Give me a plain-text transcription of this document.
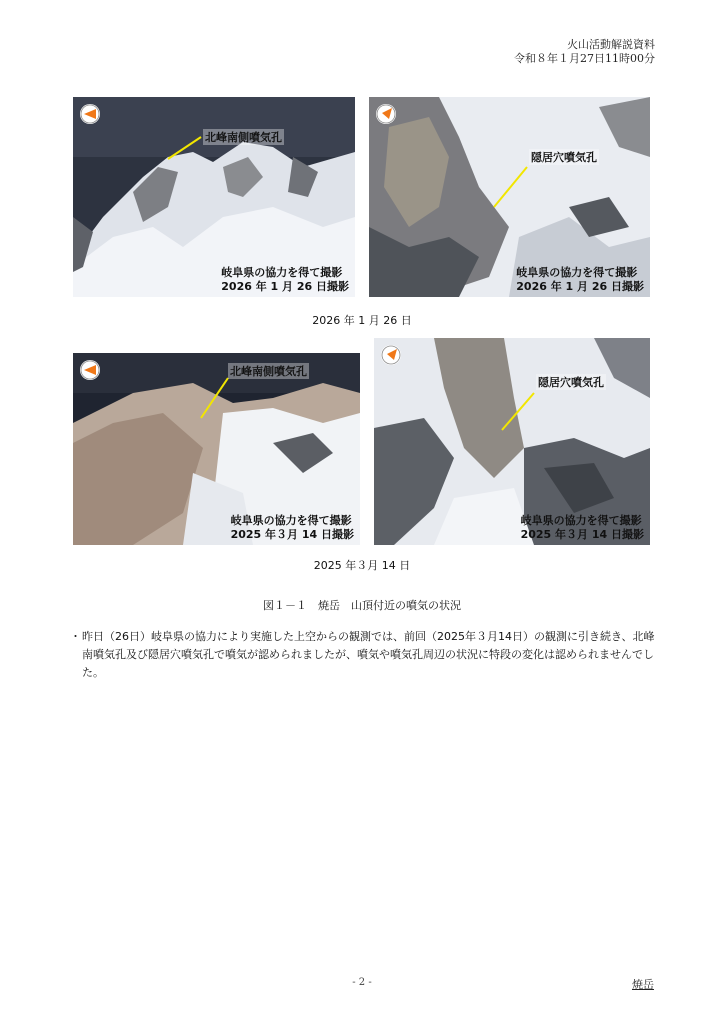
火山活動解説資料
令和８年１月27日11時00分
北峰南側噴気孔
岐阜県の協力を得て撮影
2026 年 1 月 26 日撮影
隠居穴噴気孔
岐阜県の協力を得て撮影
2026 年 1 月 26 日撮影
2026 年 1 月 26 日
北峰南側噴気孔
岐阜県の協力を得て撮影
2025 年３月 14 日撮影
隠居穴噴気孔
岐阜県の協力を得て撮影
2025 年３月 14 日撮影
2025 年３月 14 日
図１－１　焼岳　山頂付近の噴気の状況
・ 昨日（26日）岐阜県の協力により実施した上空からの観測では、前回（2025年３月14日）の観測に引き続き、北峰南噴気孔及び隠居穴噴気孔で噴気が認められましたが、噴気や噴気孔周辺の状況に特段の変化は認められませんでした。
- 2 -	焼岳
